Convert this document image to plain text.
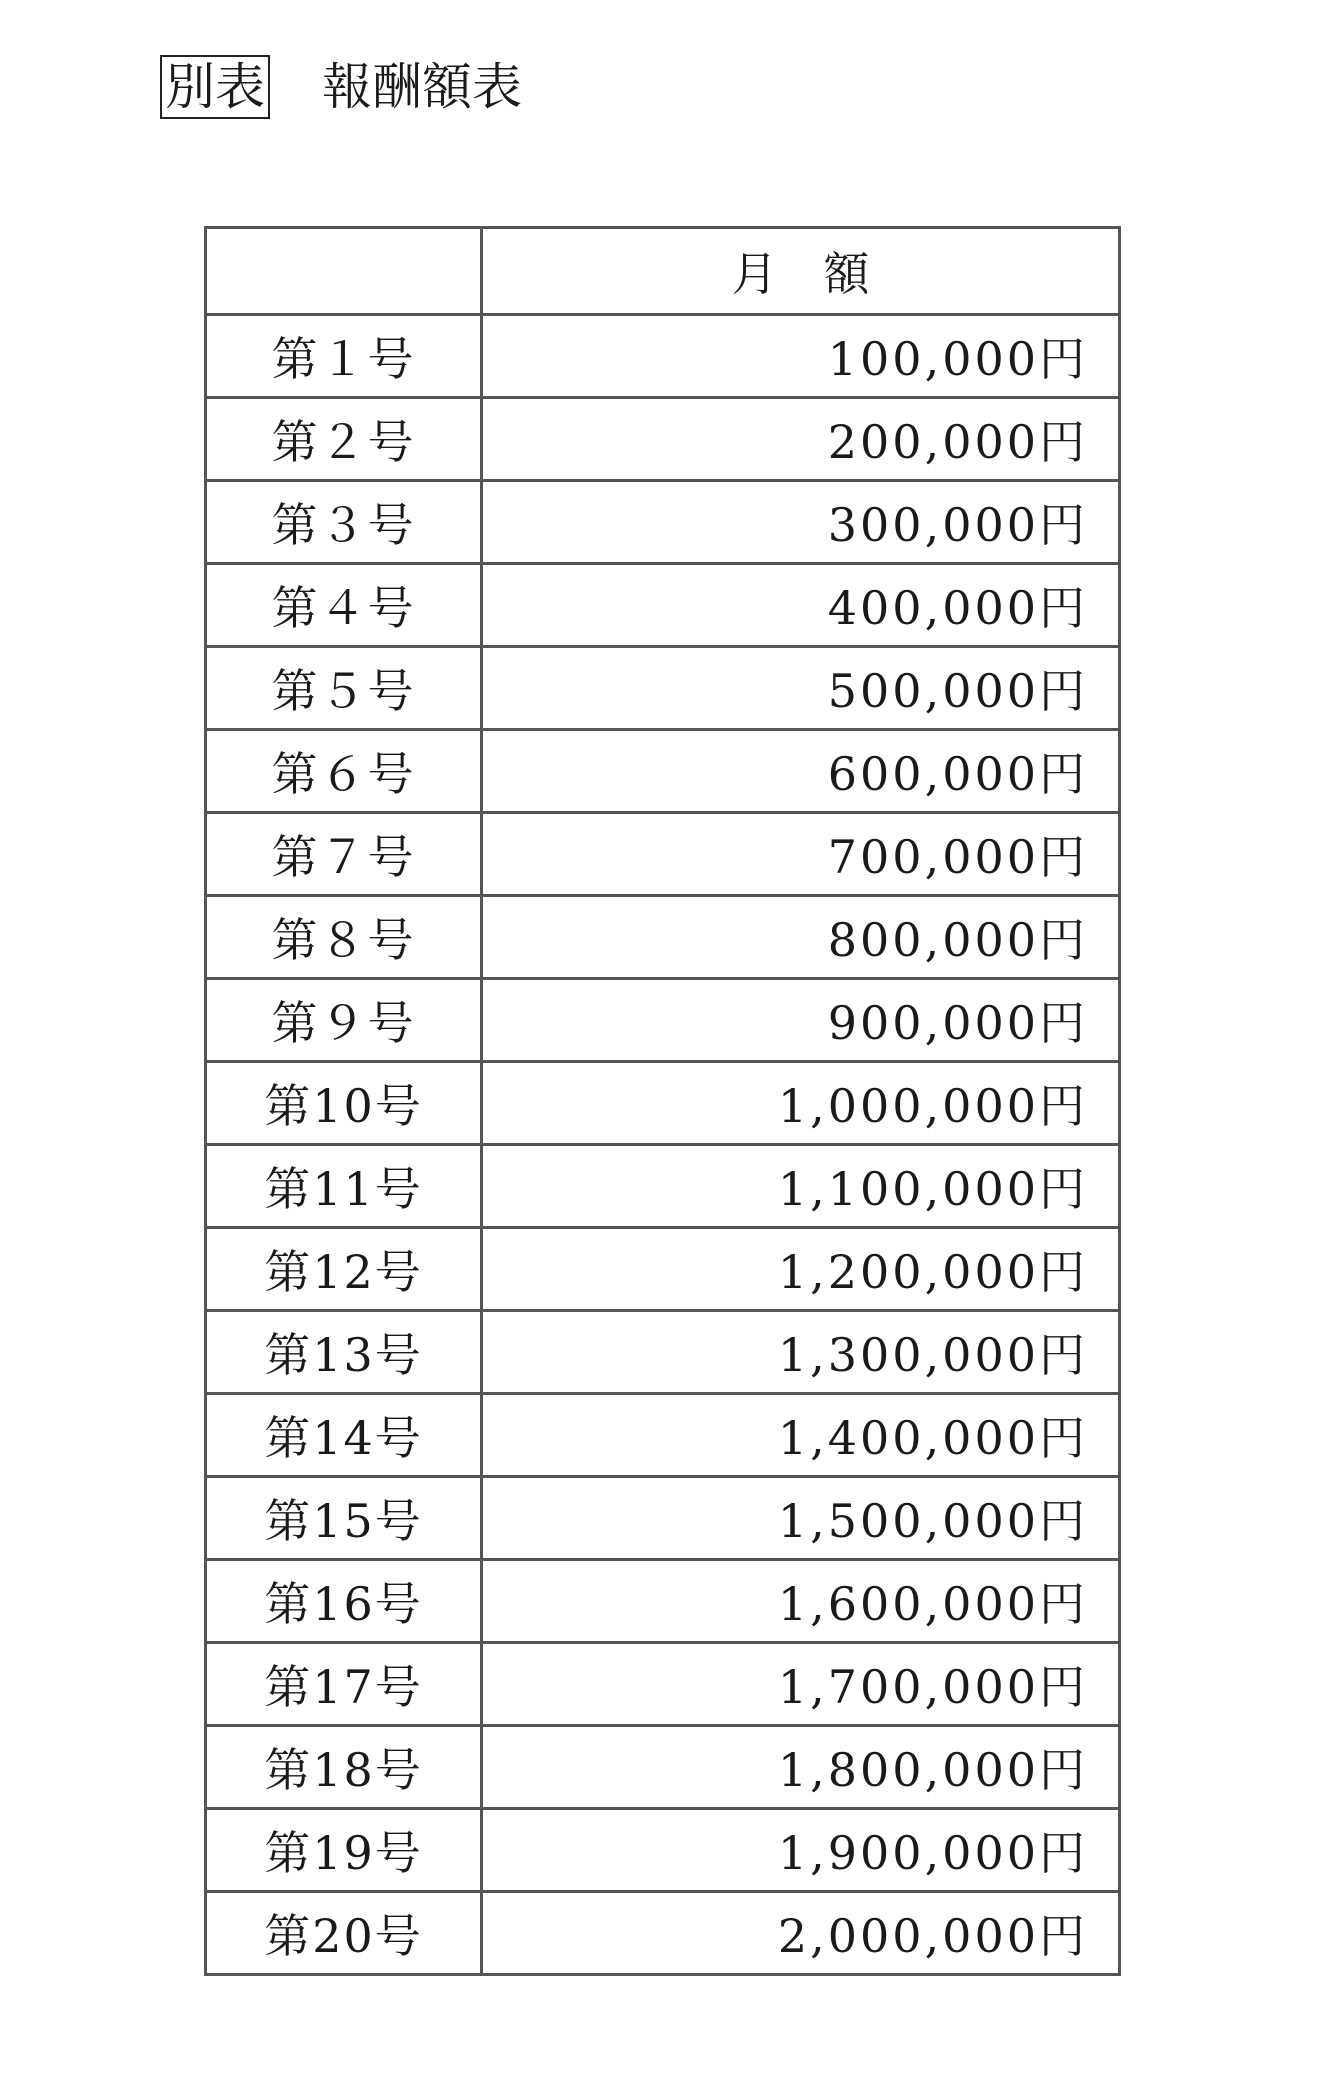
別表 報酬額表
	月　額
第１号	100,000円
第２号	200,000円
第３号	300,000円
第４号	400,000円
第５号	500,000円
第６号	600,000円
第７号	700,000円
第８号	800,000円
第９号	900,000円
第10号	1,000,000円
第11号	1,100,000円
第12号	1,200,000円
第13号	1,300,000円
第14号	1,400,000円
第15号	1,500,000円
第16号	1,600,000円
第17号	1,700,000円
第18号	1,800,000円
第19号	1,900,000円
第20号	2,000,000円
